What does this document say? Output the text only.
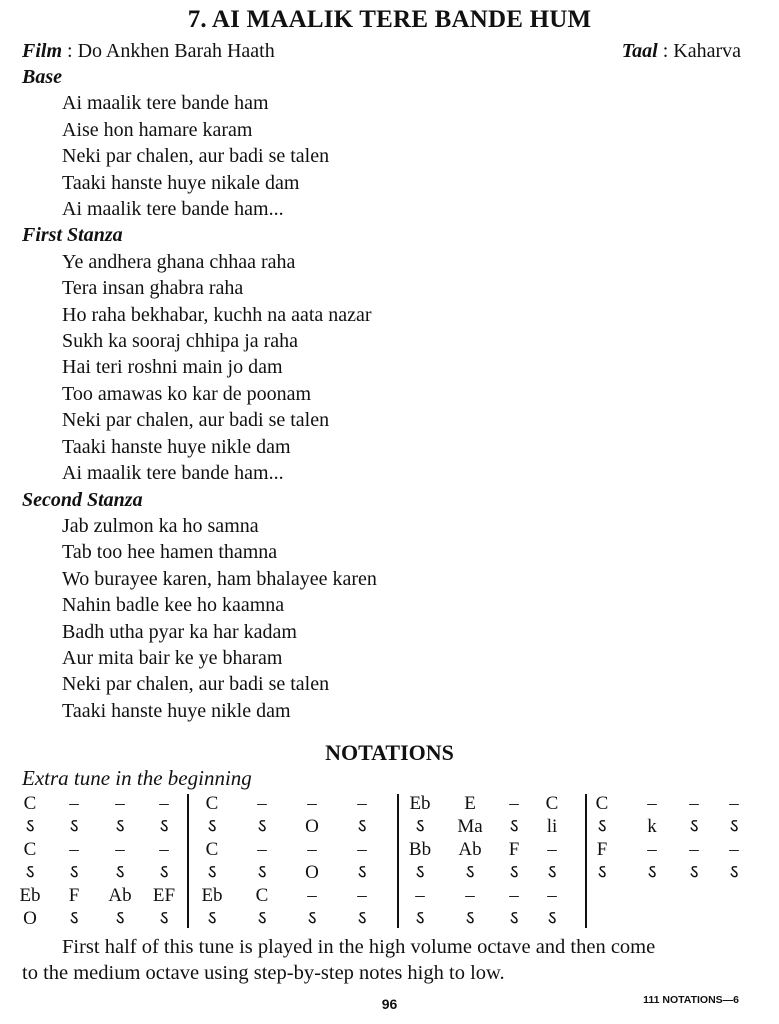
7. AI MAALIK TERE BANDE HUM
Film : Do Ankhen Barah Haath	Taal : Kaharva
Base
Ai maalik tere bande ham
Aise hon hamare karam
Neki par chalen, aur badi se talen
Taaki hanste huye nikale dam
Ai maalik tere bande ham...
First Stanza
Ye andhera ghana chhaa raha
Tera insan ghabra raha
Ho raha bekhabar, kuchh na aata nazar
Sukh ka sooraj chhipa ja raha
Hai teri roshni main jo dam
Too amawas ko kar de poonam
Neki par chalen, aur badi se talen
Taaki hanste huye nikle dam
Ai maalik tere bande ham...
Second Stanza
Jab zulmon ka ho samna
Tab too hee hamen thamna
Wo burayee karen, ham bhalayee karen
Nahin badle kee ho kaamna
Badh utha pyar ka har kadam
Aur mita bair ke ye bharam
Neki par chalen, aur badi se talen
Taaki hanste huye nikle dam
NOTATIONS
Extra tune in the beginning
C	–	–	–	C	–	–	–	Eb	E	–	C	C	–	–	–
ऽ	ऽ	ऽ	ऽ	ऽ	ऽ	O	ऽ	ऽ	Ma	ऽ	li	ऽ	k	ऽ	ऽ
C	–	–	–	C	–	–	–	Bb	Ab	F	–	F	–	–	–
ऽ	ऽ	ऽ	ऽ	ऽ	ऽ	O	ऽ	ऽ	ऽ	ऽ	ऽ	ऽ	ऽ	ऽ	ऽ
Eb	F	Ab	EF	Eb	C	–	–	–	–	–	–
O	ऽ	ऽ	ऽ	ऽ	ऽ	ऽ	ऽ	ऽ	ऽ	ऽ	ऽ
First half of this tune is played in the high volume octave and then come
to the medium octave using step-by-step notes high to low.
96	111 NOTATIONS—6
